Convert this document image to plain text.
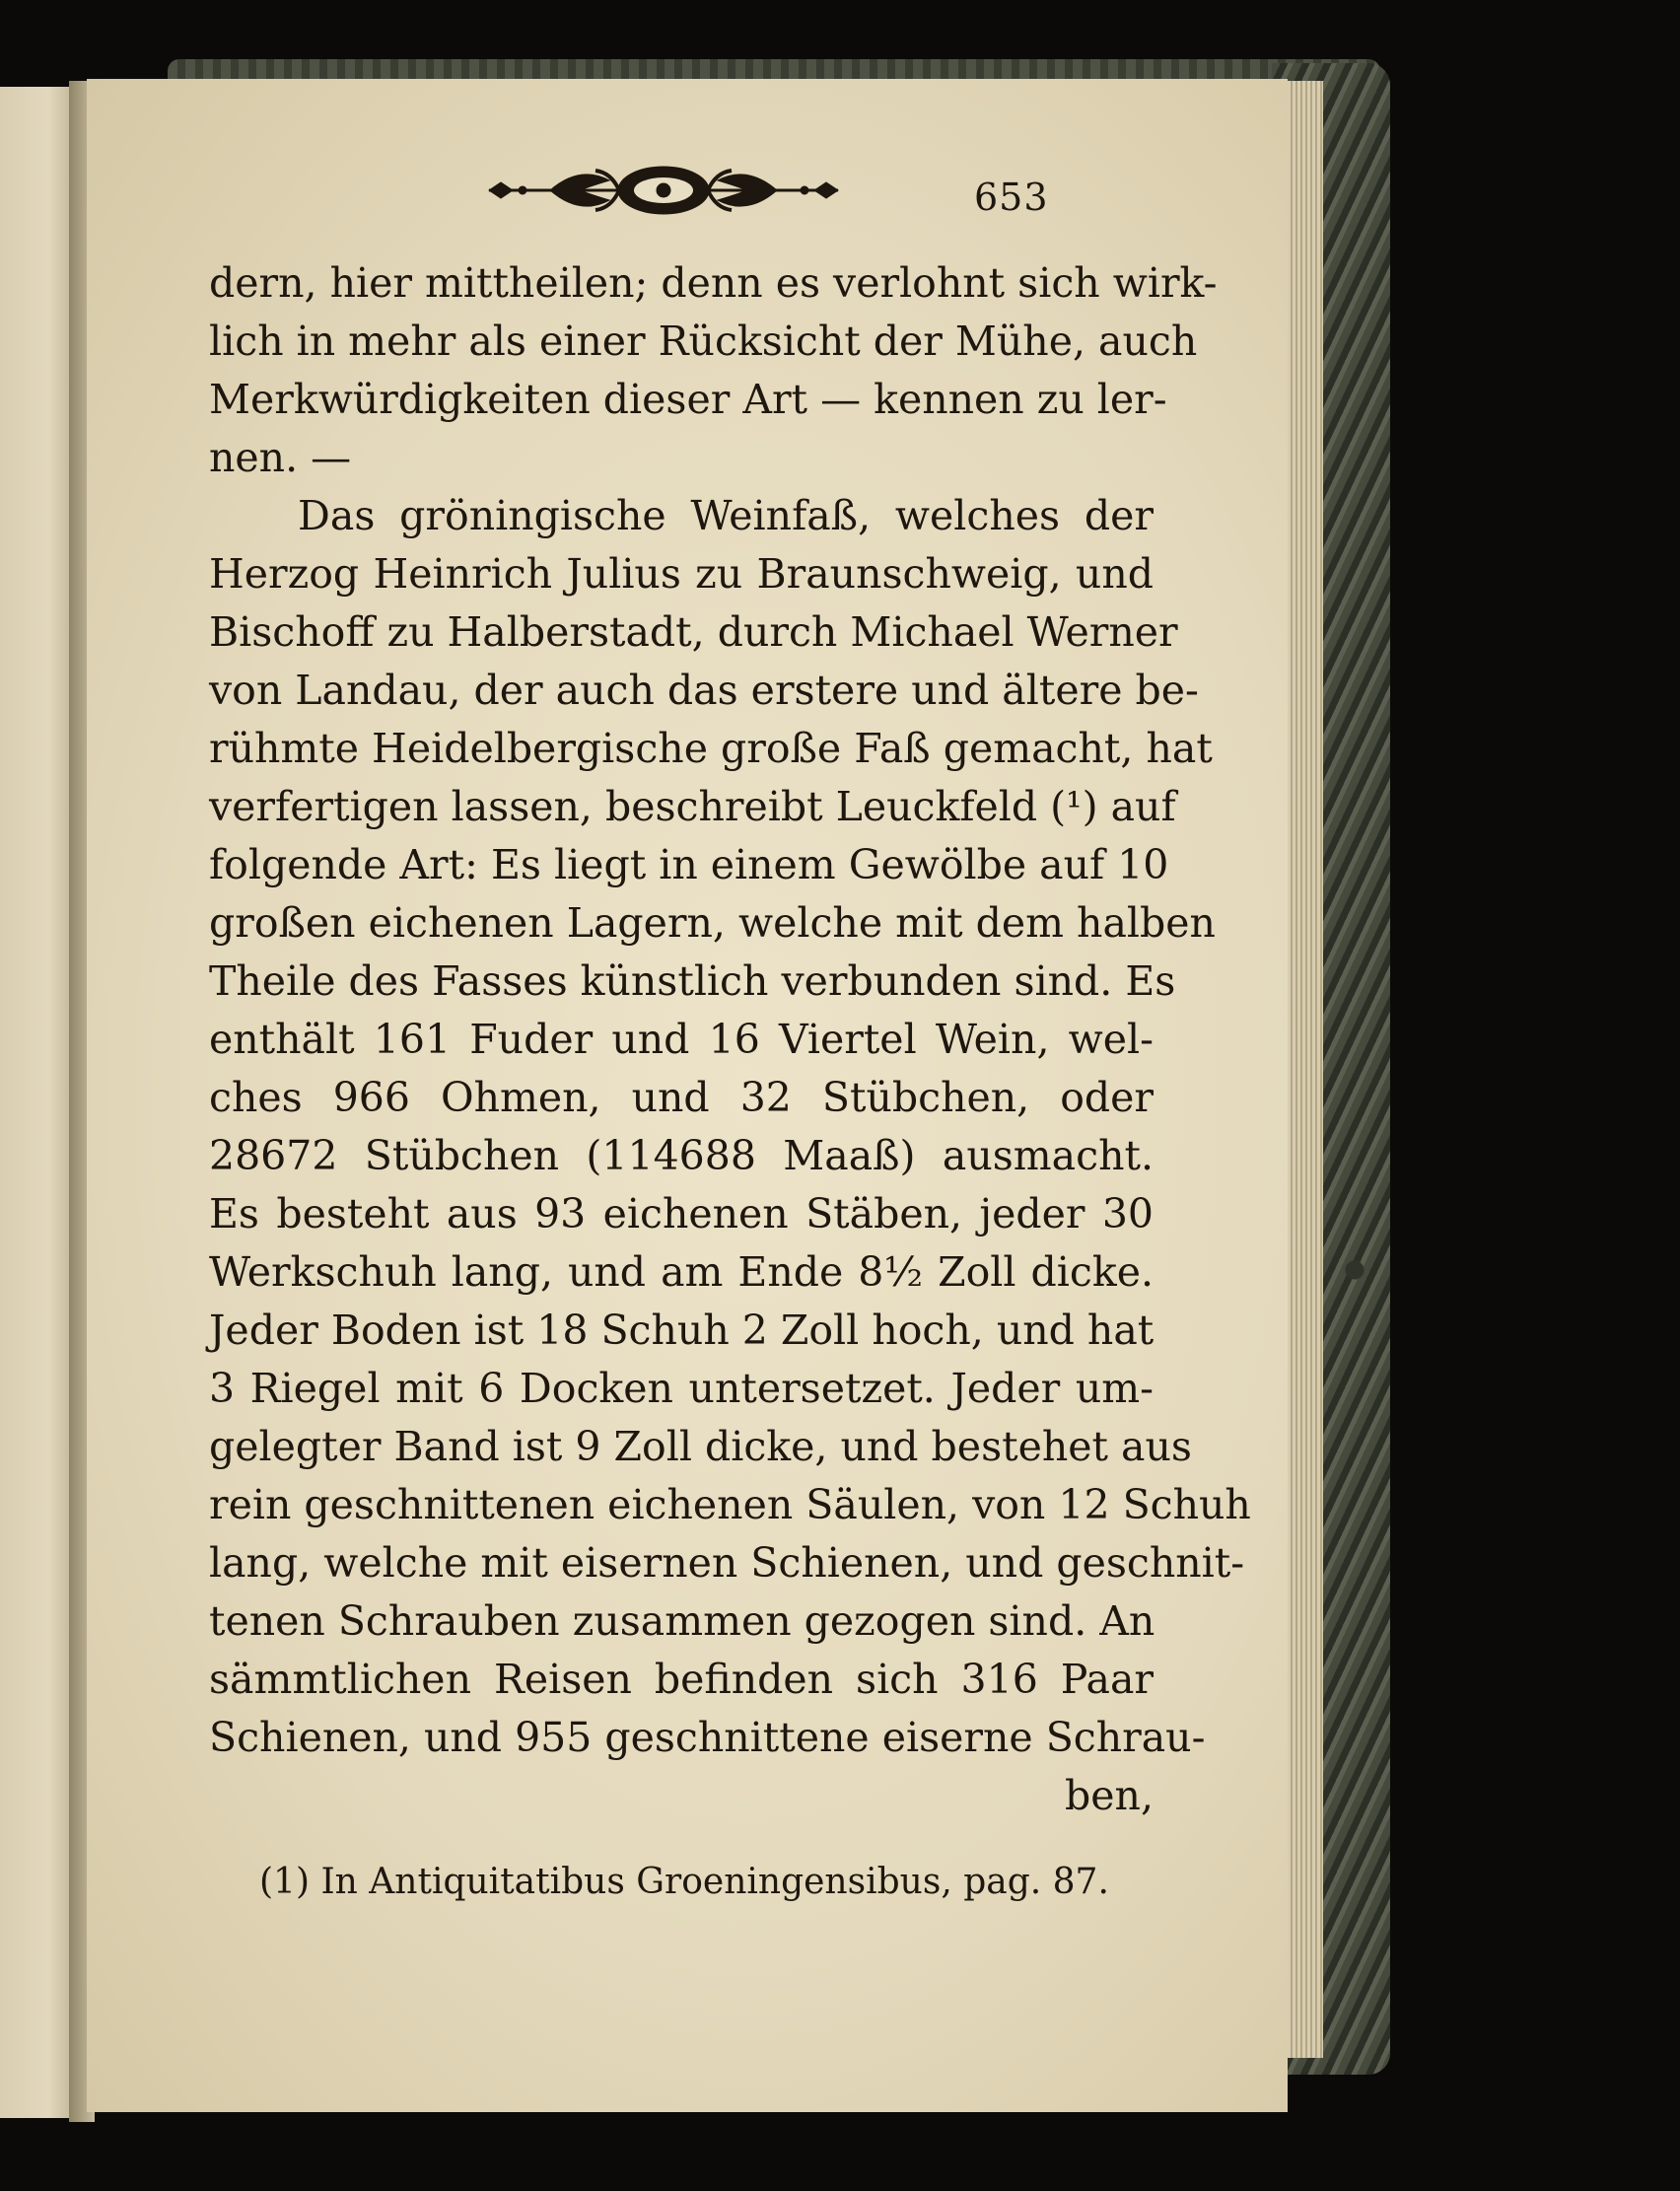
653
dern, hier mittheilen; denn es verlohnt sich wirk-
lich in mehr als einer Rücksicht der Mühe, auch
Merkwürdigkeiten dieser Art — kennen zu ler-
nen. —
Das gröningische Weinfaß, welches der
Herzog Heinrich Julius zu Braunschweig, und
Bischoff zu Halberstadt, durch Michael Werner
von Landau, der auch das erstere und ältere be-
rühmte Heidelbergische große Faß gemacht, hat
verfertigen lassen, beschreibt Leuckfeld (¹) auf
folgende Art: Es liegt in einem Gewölbe auf 10
großen eichenen Lagern, welche mit dem halben
Theile des Fasses künstlich verbunden sind. Es
enthält 161 Fuder und 16 Viertel Wein, wel-
ches 966 Ohmen, und 32 Stübchen, oder
28672 Stübchen (114688 Maaß) ausmacht.
Es besteht aus 93 eichenen Stäben, jeder 30
Werkschuh lang, und am Ende 8½ Zoll dicke.
Jeder Boden ist 18 Schuh 2 Zoll hoch, und hat
3 Riegel mit 6 Docken untersetzet. Jeder um-
gelegter Band ist 9 Zoll dicke, und bestehet aus
rein geschnittenen eichenen Säulen, von 12 Schuh
lang, welche mit eisernen Schienen, und geschnit-
tenen Schrauben zusammen gezogen sind. An
sämmtlichen Reisen befinden sich 316 Paar
Schienen, und 955 geschnittene eiserne Schrau-
ben,
(1) In Antiquitatibus Groeningensibus, pag. 87.
